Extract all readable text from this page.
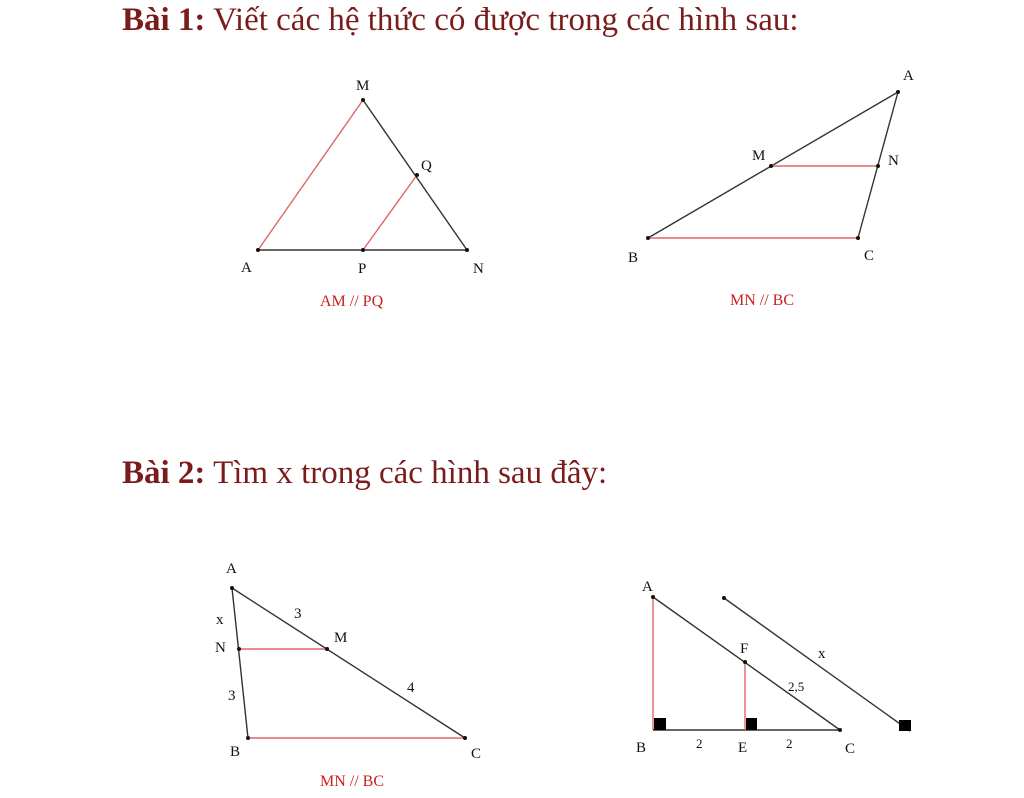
Bài 1: Viết các hệ thức có được trong các hình sau:
Bài 2: Tìm x trong các hình sau đây:
M
Q
A	P	N
AM // PQ
A
M	N
B	C
MN // BC
A
N
M
B	C
x	3
3	4
MN // BC
A
F
B	E	C
2	2
2,5
x
